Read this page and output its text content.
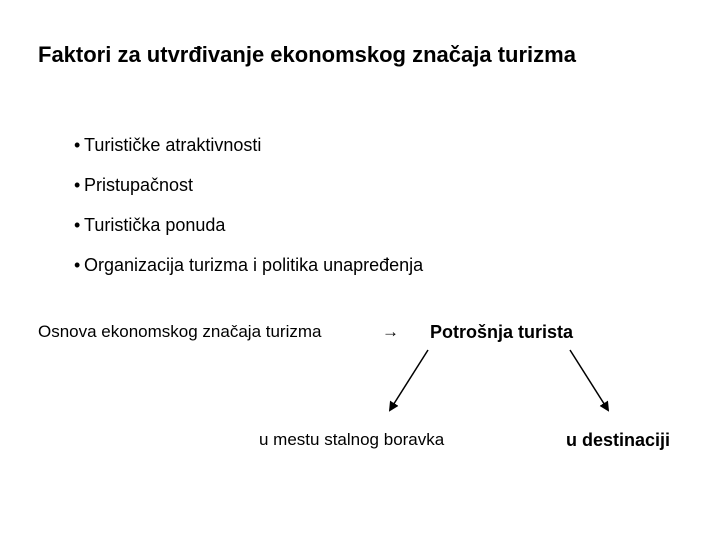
Faktori za utvrđivanje ekonomskog značaja turizma
• Turističke atraktivnosti
• Pristupačnost
• Turistička ponuda
• Organizacija turizma i politika unapređenja
Osnova ekonomskog značaja turizma	→ Potrošnja turista
u mestu stalnog boravka	u destinaciji
